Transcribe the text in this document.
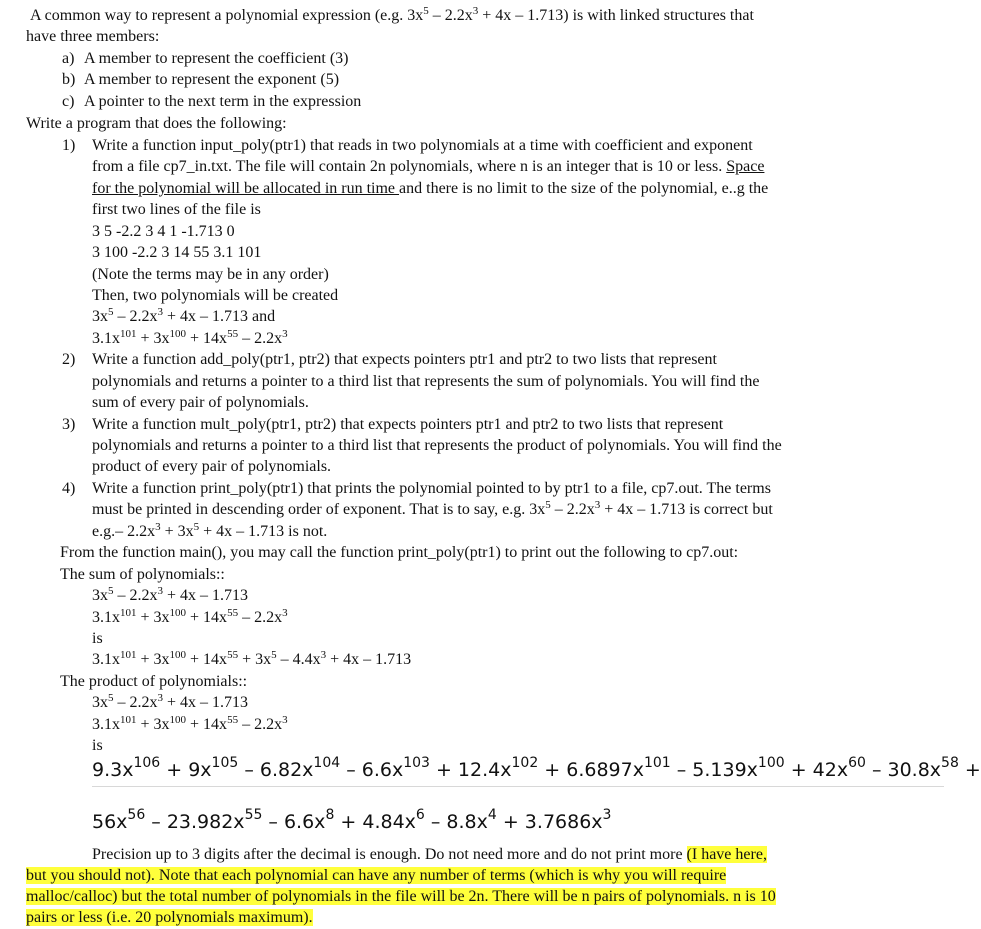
A common way to represent a polynomial expression (e.g. $3x^5 - 2.2x^3 + 4x - 1.713$) is with linked structures that
have three members:
a) A member to represent the coefficient (3)
b) A member to represent the exponent (5)
c) A pointer to the next term in the expression
Write a program that does the following:
1) Write a function input_poly(ptr1) that reads in two polynomials at a time with coefficient and exponent
from a file cp7_in.txt. The file will contain 2n polynomials, where n is an integer that is 10 or less. Space
for the polynomial will be allocated in run time and there is no limit to the size of the polynomial, e..g the
first two lines of the file is
3 5 -2.2 3 4 1 -1.713 0
3 100 -2.2 3 14 55 3.1 101
(Note the terms may be in any order)
Then, two polynomials will be created
$3x^5 - 2.2x^3 + 4x - 1.713$ and
$3.1x^{101} + 3x^{100} + 14x^{55} - 2.2x^3$
2) Write a function add_poly(ptr1, ptr2) that expects pointers ptr1 and ptr2 to two lists that represent
polynomials and returns a pointer to a third list that represents the sum of polynomials. You will find the
sum of every pair of polynomials.
3) Write a function mult_poly(ptr1, ptr2) that expects pointers ptr1 and ptr2 to two lists that represent
polynomials and returns a pointer to a third list that represents the product of polynomials. You will find the
product of every pair of polynomials.
4) Write a function print_poly(ptr1) that prints the polynomial pointed to by ptr1 to a file, cp7.out. The terms
must be printed in descending order of exponent. That is to say, e.g. $3x^5 - 2.2x^3 + 4x - 1.713$ is correct but
e.g.– $2.2x^3 + 3x^5 + 4x - 1.713$ is not.
From the function main(), you may call the function print_poly(ptr1) to print out the following to cp7.out:
The sum of polynomials::
$3x^5 - 2.2x^3 + 4x - 1.713$
$3.1x^{101} + 3x^{100} + 14x^{55} - 2.2x^3$
is
$3.1x^{101} + 3x^{100} + 14x^{55} + 3x^5 - 4.4x^3 + 4x - 1.713$
The product of polynomials::
$3x^5 - 2.2x^3 + 4x - 1.713$
$3.1x^{101} + 3x^{100} + 14x^{55} - 2.2x^3$
is
$9.3x^{106} + 9x^{105} - 6.82x^{104} - 6.6x^{103} + 12.4x^{102} + 6.6897x^{101} - 5.139x^{100} + 42x^{60} - 30.8x^{58}$ +
$56x^{56} - 23.982x^{55} - 6.6x^8 + 4.84x^6 - 8.8x^4 + 3.7686x^3$
Precision up to 3 digits after the decimal is enough. Do not need more and do not print more (I have here,
but you should not). Note that each polynomial can have any number of terms (which is why you will require
malloc/calloc) but the total number of polynomials in the file will be 2n. There will be n pairs of polynomials. n is 10
pairs or less (i.e. 20 polynomials maximum).
